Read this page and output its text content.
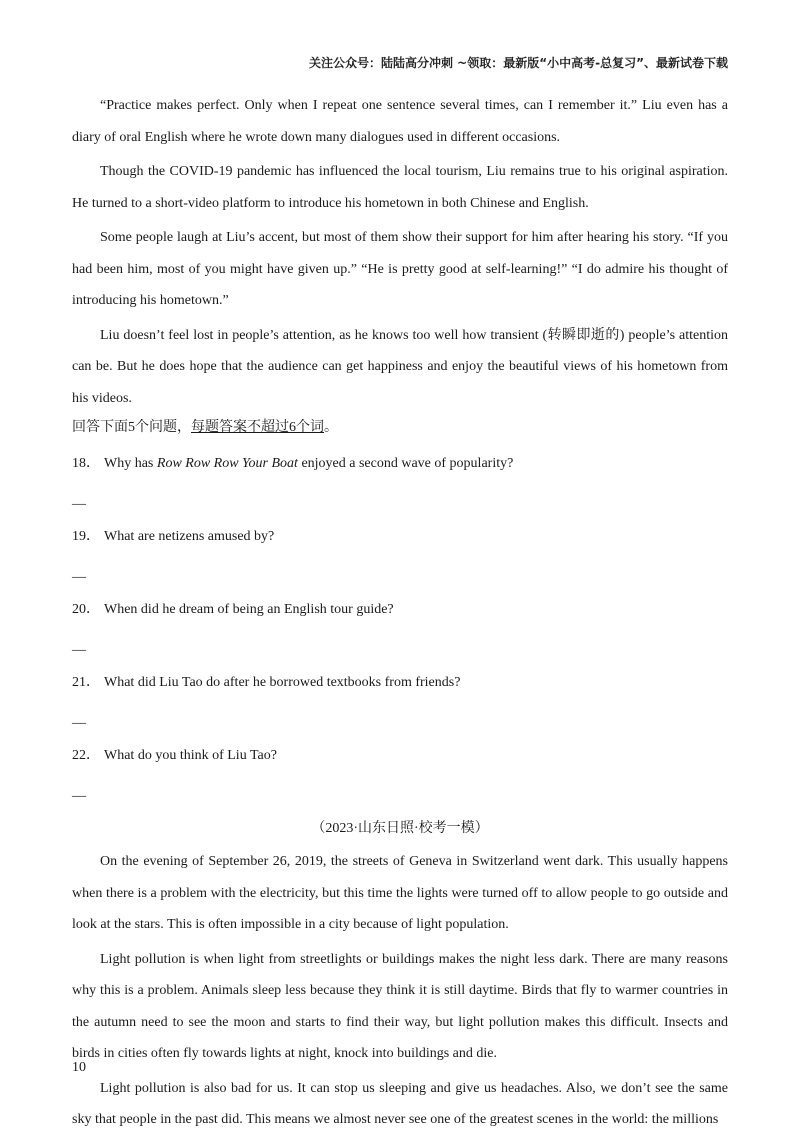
关注公众号：陆陆高分冲刺 ~领取：最新版“小中高考-总复习”、最新试卷下载

“Practice makes perfect. Only when I repeat one sentence several times, can I remember it.” Liu even has a diary of oral English where he wrote down many dialogues used in different occasions.

Though the COVID-19 pandemic has influenced the local tourism, Liu remains true to his original aspiration. He turned to a short-video platform to introduce his hometown in both Chinese and English.

Some people laugh at Liu’s accent, but most of them show their support for him after hearing his story. “If you had been him, most of you might have given up.” “He is pretty good at self-learning!” “I do admire his thought of introducing his hometown.”

Liu doesn’t feel lost in people’s attention, as he knows too well how transient (转瞬即逝的) people’s attention can be. But he does hope that the audience can get happiness and enjoy the beautiful views of his hometown from his videos.

回答下面5个问题，每题答案不超过6个词。

18． Why has Row Row Row Your Boat enjoyed a second wave of popularity?

__

19． What are netizens amused by?

__

20． When did he dream of being an English tour guide?

__

21． What did Liu Tao do after he borrowed textbooks from friends?

__

22． What do you think of Liu Tao?

__

（2023·山东日照·校考一模）

On the evening of September 26, 2019, the streets of Geneva in Switzerland went dark. This usually happens when there is a problem with the electricity, but this time the lights were turned off to allow people to go outside and look at the stars. This is often impossible in a city because of light population.

Light pollution is when light from streetlights or buildings makes the night less dark. There are many reasons why this is a problem. Animals sleep less because they think it is still daytime. Birds that fly to warmer countries in the autumn need to see the moon and starts to find their way, but light pollution makes this difficult. Insects and birds in cities often fly towards lights at night, knock into buildings and die.

Light pollution is also bad for us. It can stop us sleeping and give us headaches. Also, we don’t see the same sky that people in the past did. This means we almost never see one of the greatest scenes in the world: the millions

10
